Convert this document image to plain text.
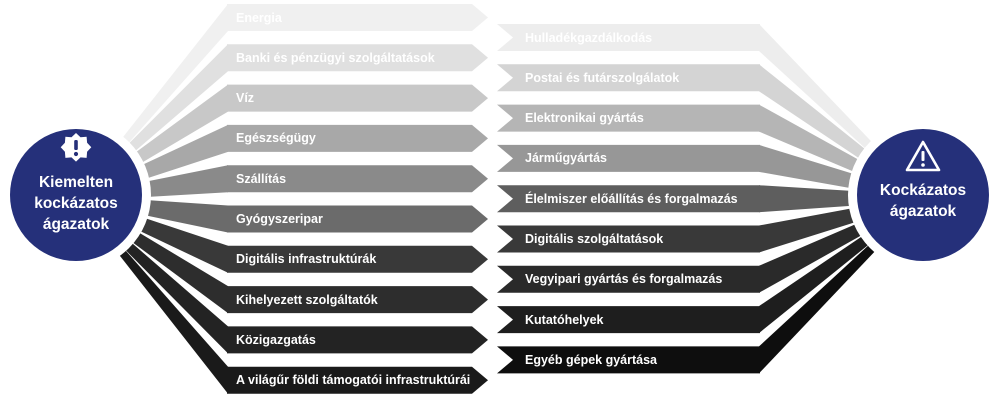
Kiemelten
kockázatos
ágazatok
Kockázatos
ágazatok
Energia
Banki és pénzügyi szolgáltatások
Víz
Egészségügy
Szállítás
Gyógyszeripar
Digitális infrastruktúrák
Kihelyezett szolgáltatók
Közigazgatás
A világűr földi támogatói infrastruktúrái
Hulladékgazdálkodás
Postai és futárszolgálatok
Elektronikai gyártás
Járműgyártás
Élelmiszer előállítás és forgalmazás
Digitális szolgáltatások
Vegyipari gyártás és forgalmazás
Kutatóhelyek
Egyéb gépek gyártása
